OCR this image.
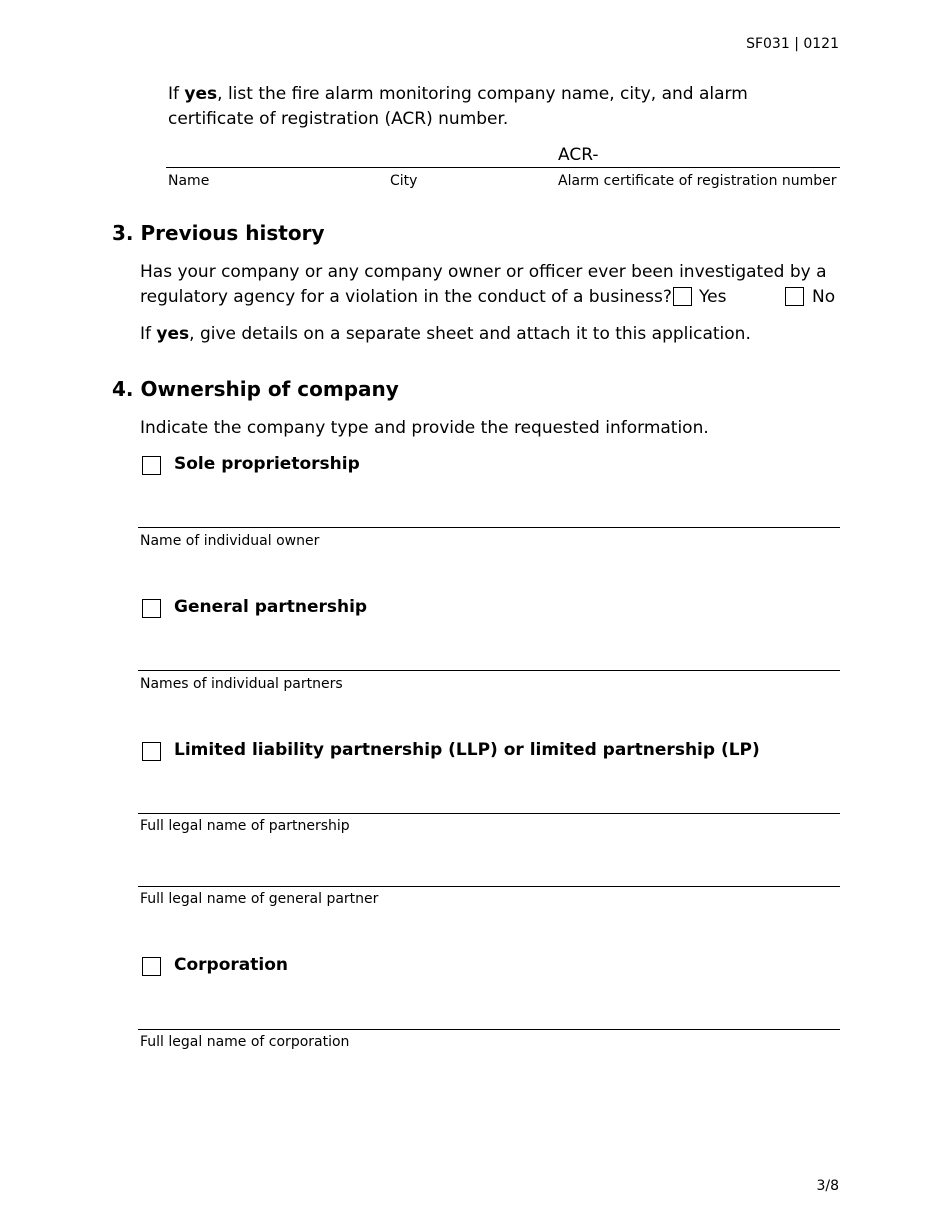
SF031 | 0121
If yes, list the fire alarm monitoring company name, city, and alarm certificate of registration (ACR) number.
ACR-
Name	City	Alarm certificate of registration number
3. Previous history
Has your company or any company owner or officer ever been investigated by a
regulatory agency for a violation in the conduct of a business? Yes	No
If yes, give details on a separate sheet and attach it to this application.
4. Ownership of company
Indicate the company type and provide the requested information.
Sole proprietorship
Name of individual owner
General partnership
Names of individual partners
Limited liability partnership (LLP) or limited partnership (LP)
Full legal name of partnership
Full legal name of general partner
Corporation
Full legal name of corporation
3/8
